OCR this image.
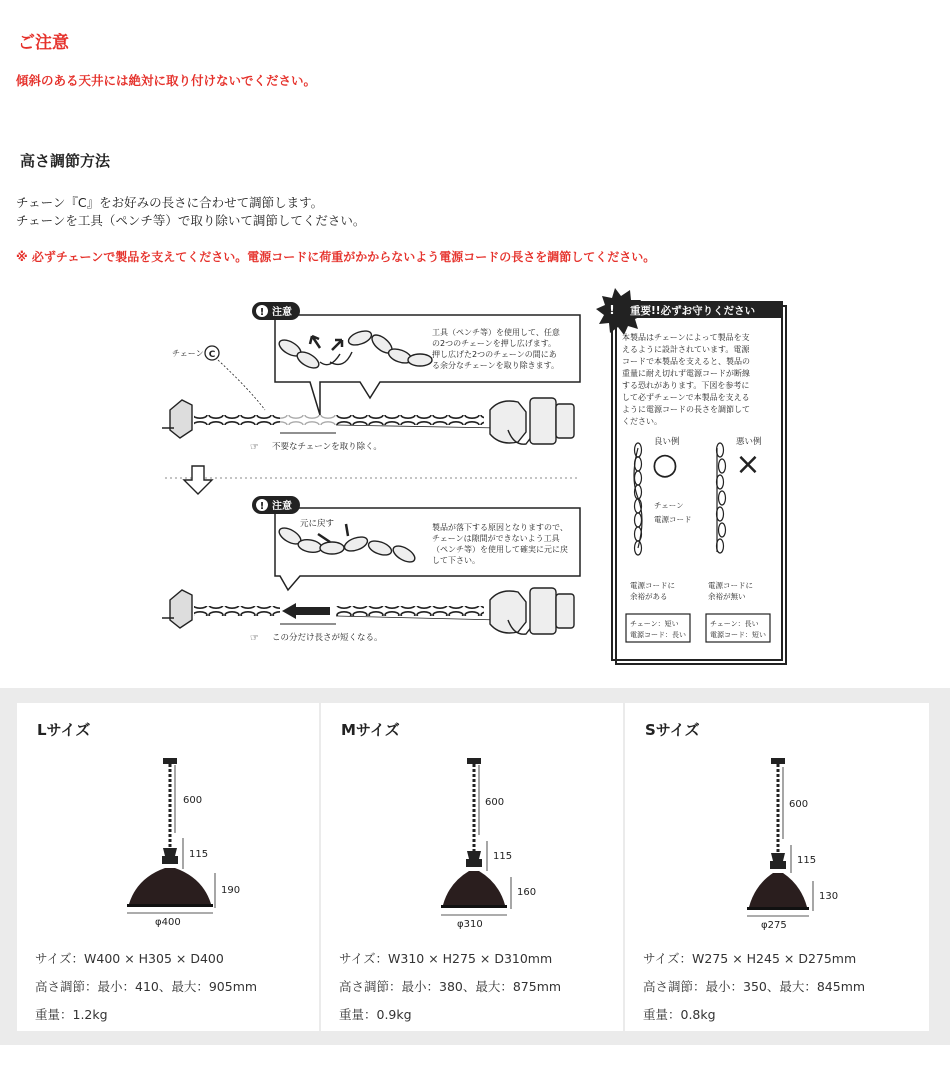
ご注意
傾斜のある天井には絶対に取り付けないでください。
高さ調節方法
チェーン『C』をお好みの長さに合わせて調節します。
チェーンを工具（ペンチ等）で取り除いて調節してください。
※ 必ずチェーンで製品を支えてください。電源コードに荷重がかからないよう電源コードの長さを調節してください。
! 注意
工具（ペンチ等）を使用して、任意
の2つのチェーンを押し広げます。
押し広げた2つのチェーンの間にあ
る余分なチェーンを取り除きます。
チェーン C
☞ 不要なチェーンを取り除く。
! 注意
元に戻す	製品が落下する原因となりますので、
チェーンは隙間ができないよう工具
（ペンチ等）を使用して確実に元に戻
して下さい。
☞ この分だけ長さが短くなる。
! 重要!!必ずお守りください
本製品はチェーンによって製品を支
えるように設計されています。電源
コードで本製品を支えると、製品の
重量に耐え切れず電源コードが断線
する恐れがあります。下図を参考に
して必ずチェーンで本製品を支える
ように電源コードの長さを調節して
ください。
良い例	悪い例
○ ×
チェーン
電源コード
電源コードに
余裕がある
電源コードに
余裕が無い
チェーン：短い
電源コード：長い
チェーン：長い
電源コード：短い
Lサイズ
600
115
190
φ400
サイズ：W400 × H305 × D400
高さ調節：最小：410、最大：905mm
重量：1.2kg
Mサイズ
600
115
160
φ310
サイズ：W310 × H275 × D310mm
高さ調節：最小：380、最大：875mm
重量：0.9kg
Sサイズ
600
115
130
φ275
サイズ：W275 × H245 × D275mm
高さ調節：最小：350、最大：845mm
重量：0.8kg
